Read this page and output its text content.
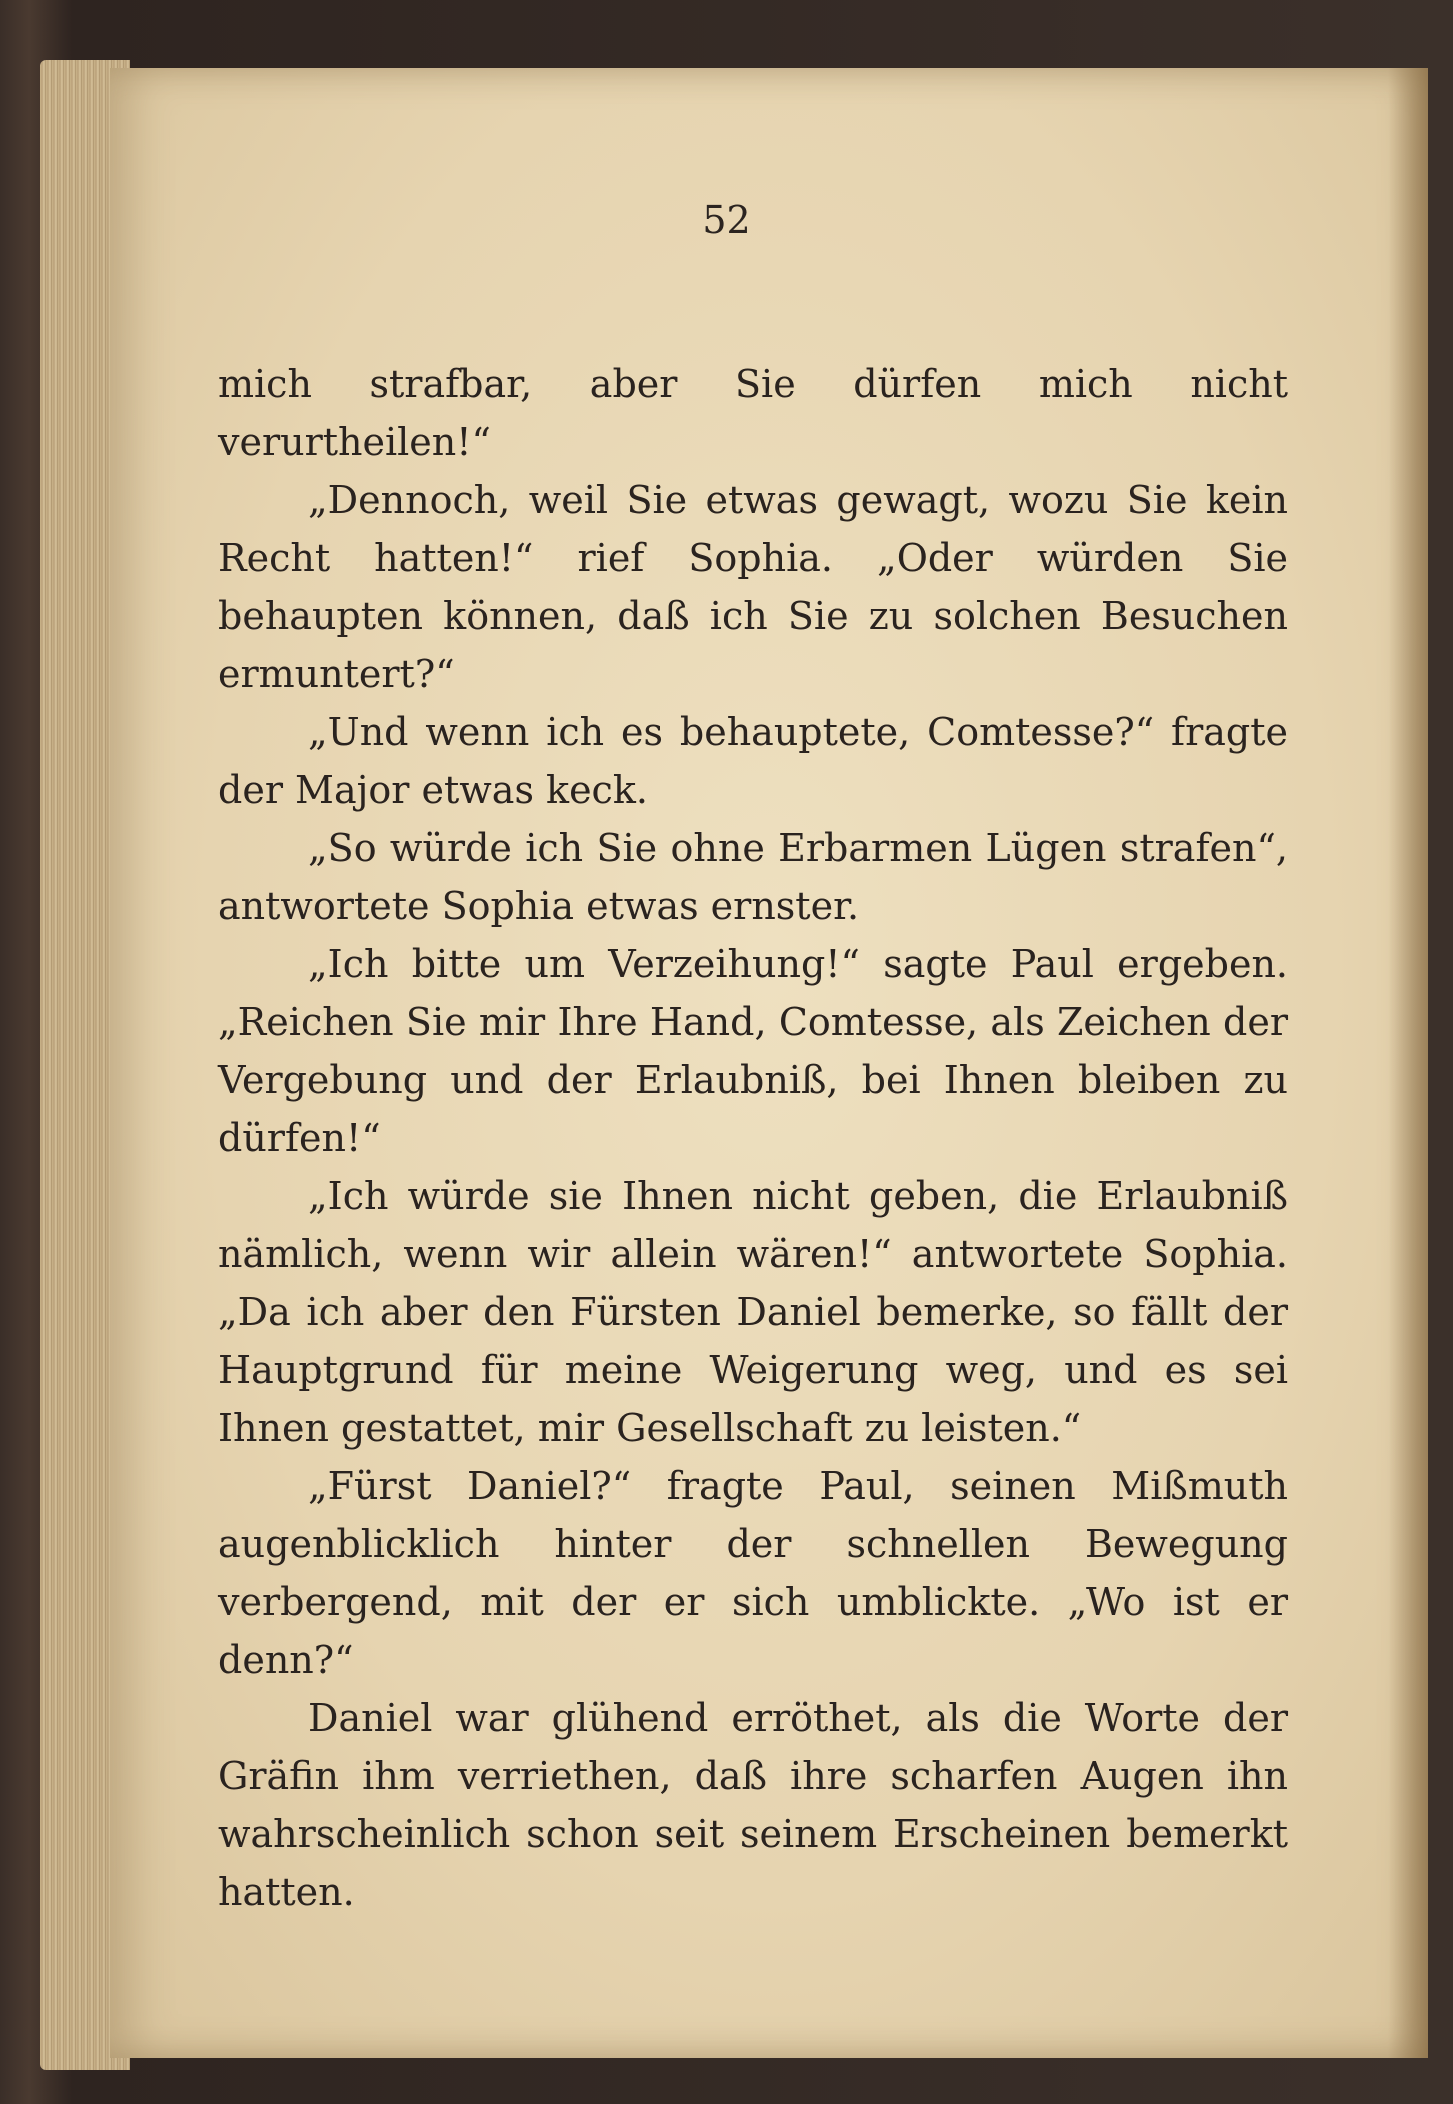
52

mich strafbar, aber Sie dürfen mich nicht verurtheilen!“

„Dennoch, weil Sie etwas gewagt, wozu Sie kein Recht hatten!“ rief Sophia. „Oder würden Sie behaupten können, daß ich Sie zu solchen Besuchen ermuntert?“

„Und wenn ich es behauptete, Comtesse?“ fragte der Major etwas keck.

„So würde ich Sie ohne Erbarmen Lügen strafen“, antwortete Sophia etwas ernster.

„Ich bitte um Verzeihung!“ sagte Paul ergeben. „Reichen Sie mir Ihre Hand, Comtesse, als Zeichen der Vergebung und der Erlaubniß, bei Ihnen bleiben zu dürfen!“

„Ich würde sie Ihnen nicht geben, die Erlaubniß nämlich, wenn wir allein wären!“ antwortete Sophia. „Da ich aber den Fürsten Daniel bemerke, so fällt der Hauptgrund für meine Weigerung weg, und es sei Ihnen gestattet, mir Gesellschaft zu leisten.“

„Fürst Daniel?“ fragte Paul, seinen Mißmuth augenblicklich hinter der schnellen Bewegung verbergend, mit der er sich umblickte. „Wo ist er denn?“

Daniel war glühend erröthet, als die Worte der Gräfin ihm verriethen, daß ihre scharfen Augen ihn wahrscheinlich schon seit seinem Erscheinen bemerkt hatten.
